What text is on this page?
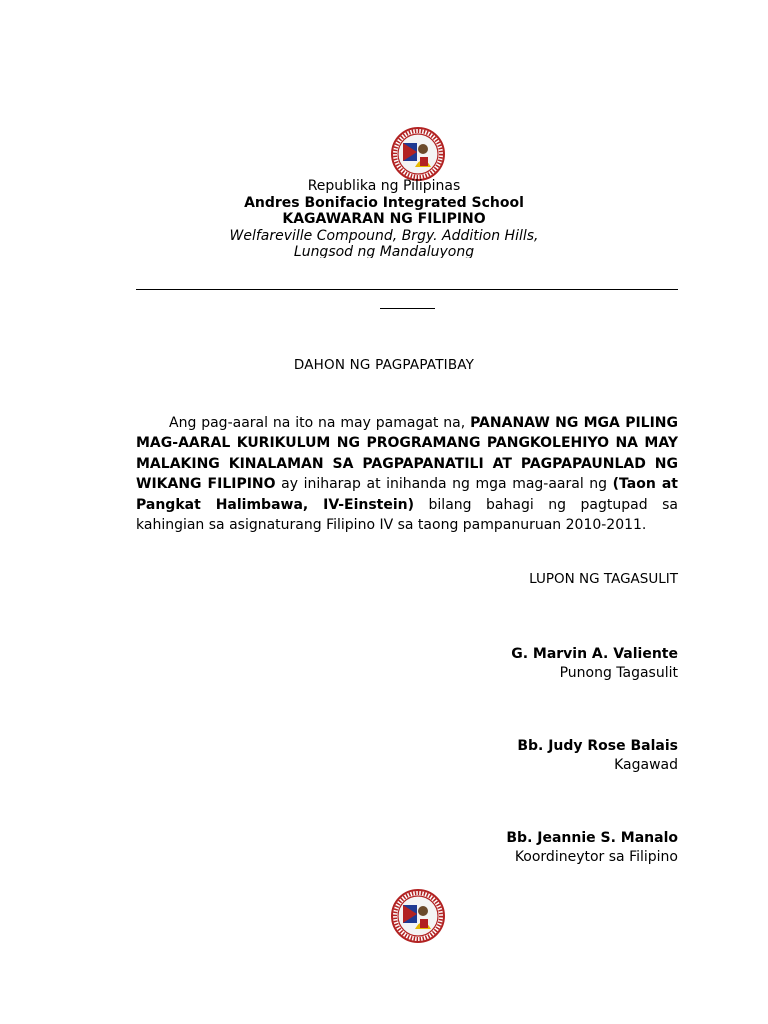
Republika ng Pilipinas
Andres Bonifacio Integrated School
KAGAWARAN NG FILIPINO
Welfareville Compound, Brgy. Addition Hills,
Lungsod ng Mandaluyong
DAHON NG PAGPAPATIBAY
Ang pag-aaral na ito na may pamagat na, PANANAW NG MGA PILING MAG-AARAL KURIKULUM NG PROGRAMANG PANGKOLEHIYO NA MAY MALAKING KINALAMAN SA PAGPAPANATILI AT PAGPAPAUNLAD NG WIKANG FILIPINO ay iniharap at inihanda ng mga mag-aaral ng (Taon at Pangkat Halimbawa, IV-Einstein) bilang bahagi ng pagtupad sa kahingian sa asignaturang Filipino IV sa taong pampanuruan 2010-2011.
LUPON NG TAGASULIT
G. Marvin A. Valiente
Punong Tagasulit
Bb. Judy Rose Balais
Kagawad
Bb. Jeannie S. Manalo
Koordineytor sa Filipino
